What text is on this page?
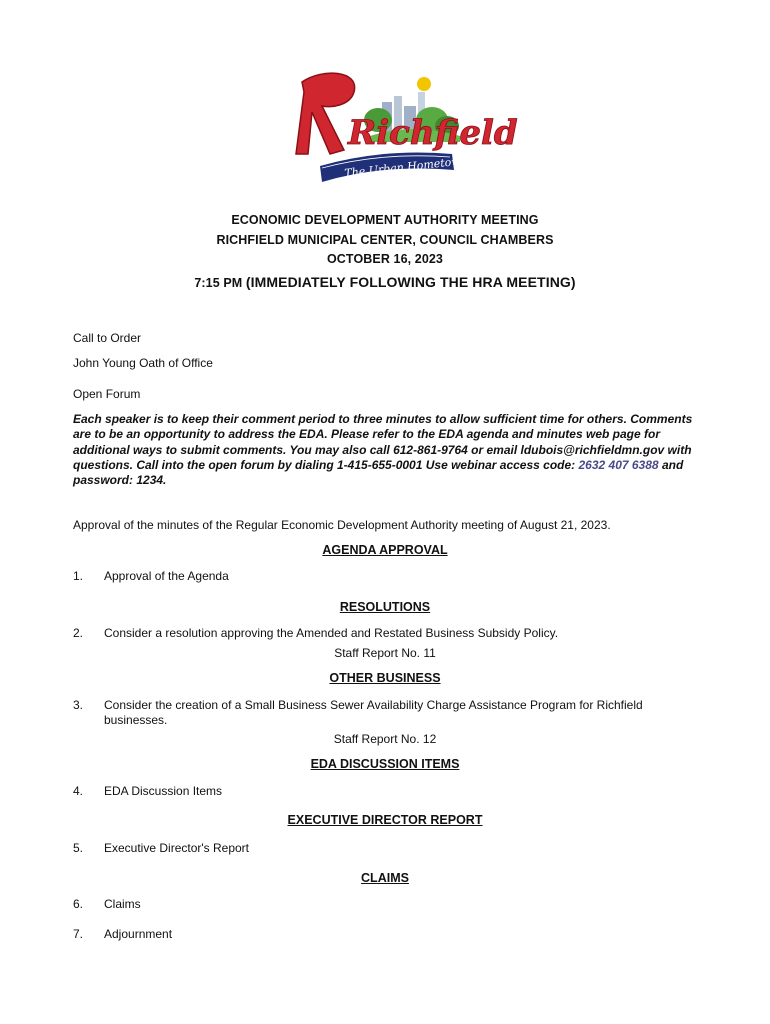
Richfield
The Urban Hometown
ECONOMIC DEVELOPMENT AUTHORITY MEETING
RICHFIELD MUNICIPAL CENTER, COUNCIL CHAMBERS
OCTOBER 16, 2023
7:15 PM (IMMEDIATELY FOLLOWING THE HRA MEETING)

Call to Order

John Young Oath of Office

Open Forum

Each speaker is to keep their comment period to three minutes to allow sufficient time for others. Comments are to be an opportunity to address the EDA. Please refer to the EDA agenda and minutes web page for additional ways to submit comments. You may also call 612-861-9764 or email ldubois@richfieldmn.gov with questions. Call into the open forum by dialing 1-415-655-0001 Use webinar access code: 2632 407 6388 and password: 1234.

Approval of the minutes of the Regular Economic Development Authority meeting of August 21, 2023.

AGENDA APPROVAL
1. Approval of the Agenda
RESOLUTIONS
2. Consider a resolution approving the Amended and Restated Business Subsidy Policy.
Staff Report No. 11
OTHER BUSINESS
3. Consider the creation of a Small Business Sewer Availability Charge Assistance Program for Richfield businesses.
Staff Report No. 12
EDA DISCUSSION ITEMS
4. EDA Discussion Items
EXECUTIVE DIRECTOR REPORT
5. Executive Director's Report
CLAIMS
6. Claims
7. Adjournment
